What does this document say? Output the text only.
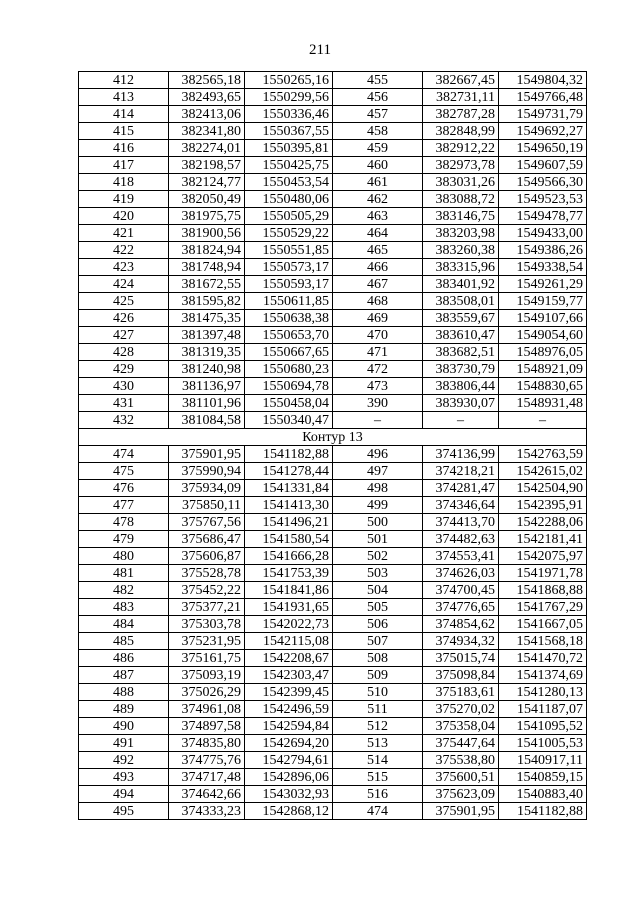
211
412	382565,18	1550265,16	455	382667,45	1549804,32
413	382493,65	1550299,56	456	382731,11	1549766,48
414	382413,06	1550336,46	457	382787,28	1549731,79
415	382341,80	1550367,55	458	382848,99	1549692,27
416	382274,01	1550395,81	459	382912,22	1549650,19
417	382198,57	1550425,75	460	382973,78	1549607,59
418	382124,77	1550453,54	461	383031,26	1549566,30
419	382050,49	1550480,06	462	383088,72	1549523,53
420	381975,75	1550505,29	463	383146,75	1549478,77
421	381900,56	1550529,22	464	383203,98	1549433,00
422	381824,94	1550551,85	465	383260,38	1549386,26
423	381748,94	1550573,17	466	383315,96	1549338,54
424	381672,55	1550593,17	467	383401,92	1549261,29
425	381595,82	1550611,85	468	383508,01	1549159,77
426	381475,35	1550638,38	469	383559,67	1549107,66
427	381397,48	1550653,70	470	383610,47	1549054,60
428	381319,35	1550667,65	471	383682,51	1548976,05
429	381240,98	1550680,23	472	383730,79	1548921,09
430	381136,97	1550694,78	473	383806,44	1548830,65
431	381101,96	1550458,04	390	383930,07	1548931,48
432	381084,58	1550340,47	–	–	–
Контур 13					
474	375901,95	1541182,88	496	374136,99	1542763,59
475	375990,94	1541278,44	497	374218,21	1542615,02
476	375934,09	1541331,84	498	374281,47	1542504,90
477	375850,11	1541413,30	499	374346,64	1542395,91
478	375767,56	1541496,21	500	374413,70	1542288,06
479	375686,47	1541580,54	501	374482,63	1542181,41
480	375606,87	1541666,28	502	374553,41	1542075,97
481	375528,78	1541753,39	503	374626,03	1541971,78
482	375452,22	1541841,86	504	374700,45	1541868,88
483	375377,21	1541931,65	505	374776,65	1541767,29
484	375303,78	1542022,73	506	374854,62	1541667,05
485	375231,95	1542115,08	507	374934,32	1541568,18
486	375161,75	1542208,67	508	375015,74	1541470,72
487	375093,19	1542303,47	509	375098,84	1541374,69
488	375026,29	1542399,45	510	375183,61	1541280,13
489	374961,08	1542496,59	511	375270,02	1541187,07
490	374897,58	1542594,84	512	375358,04	1541095,52
491	374835,80	1542694,20	513	375447,64	1541005,53
492	374775,76	1542794,61	514	375538,80	1540917,11
493	374717,48	1542896,06	515	375600,51	1540859,15
494	374642,66	1543032,93	516	375623,09	1540883,40
495	374333,23	1542868,12	474	375901,95	1541182,88
